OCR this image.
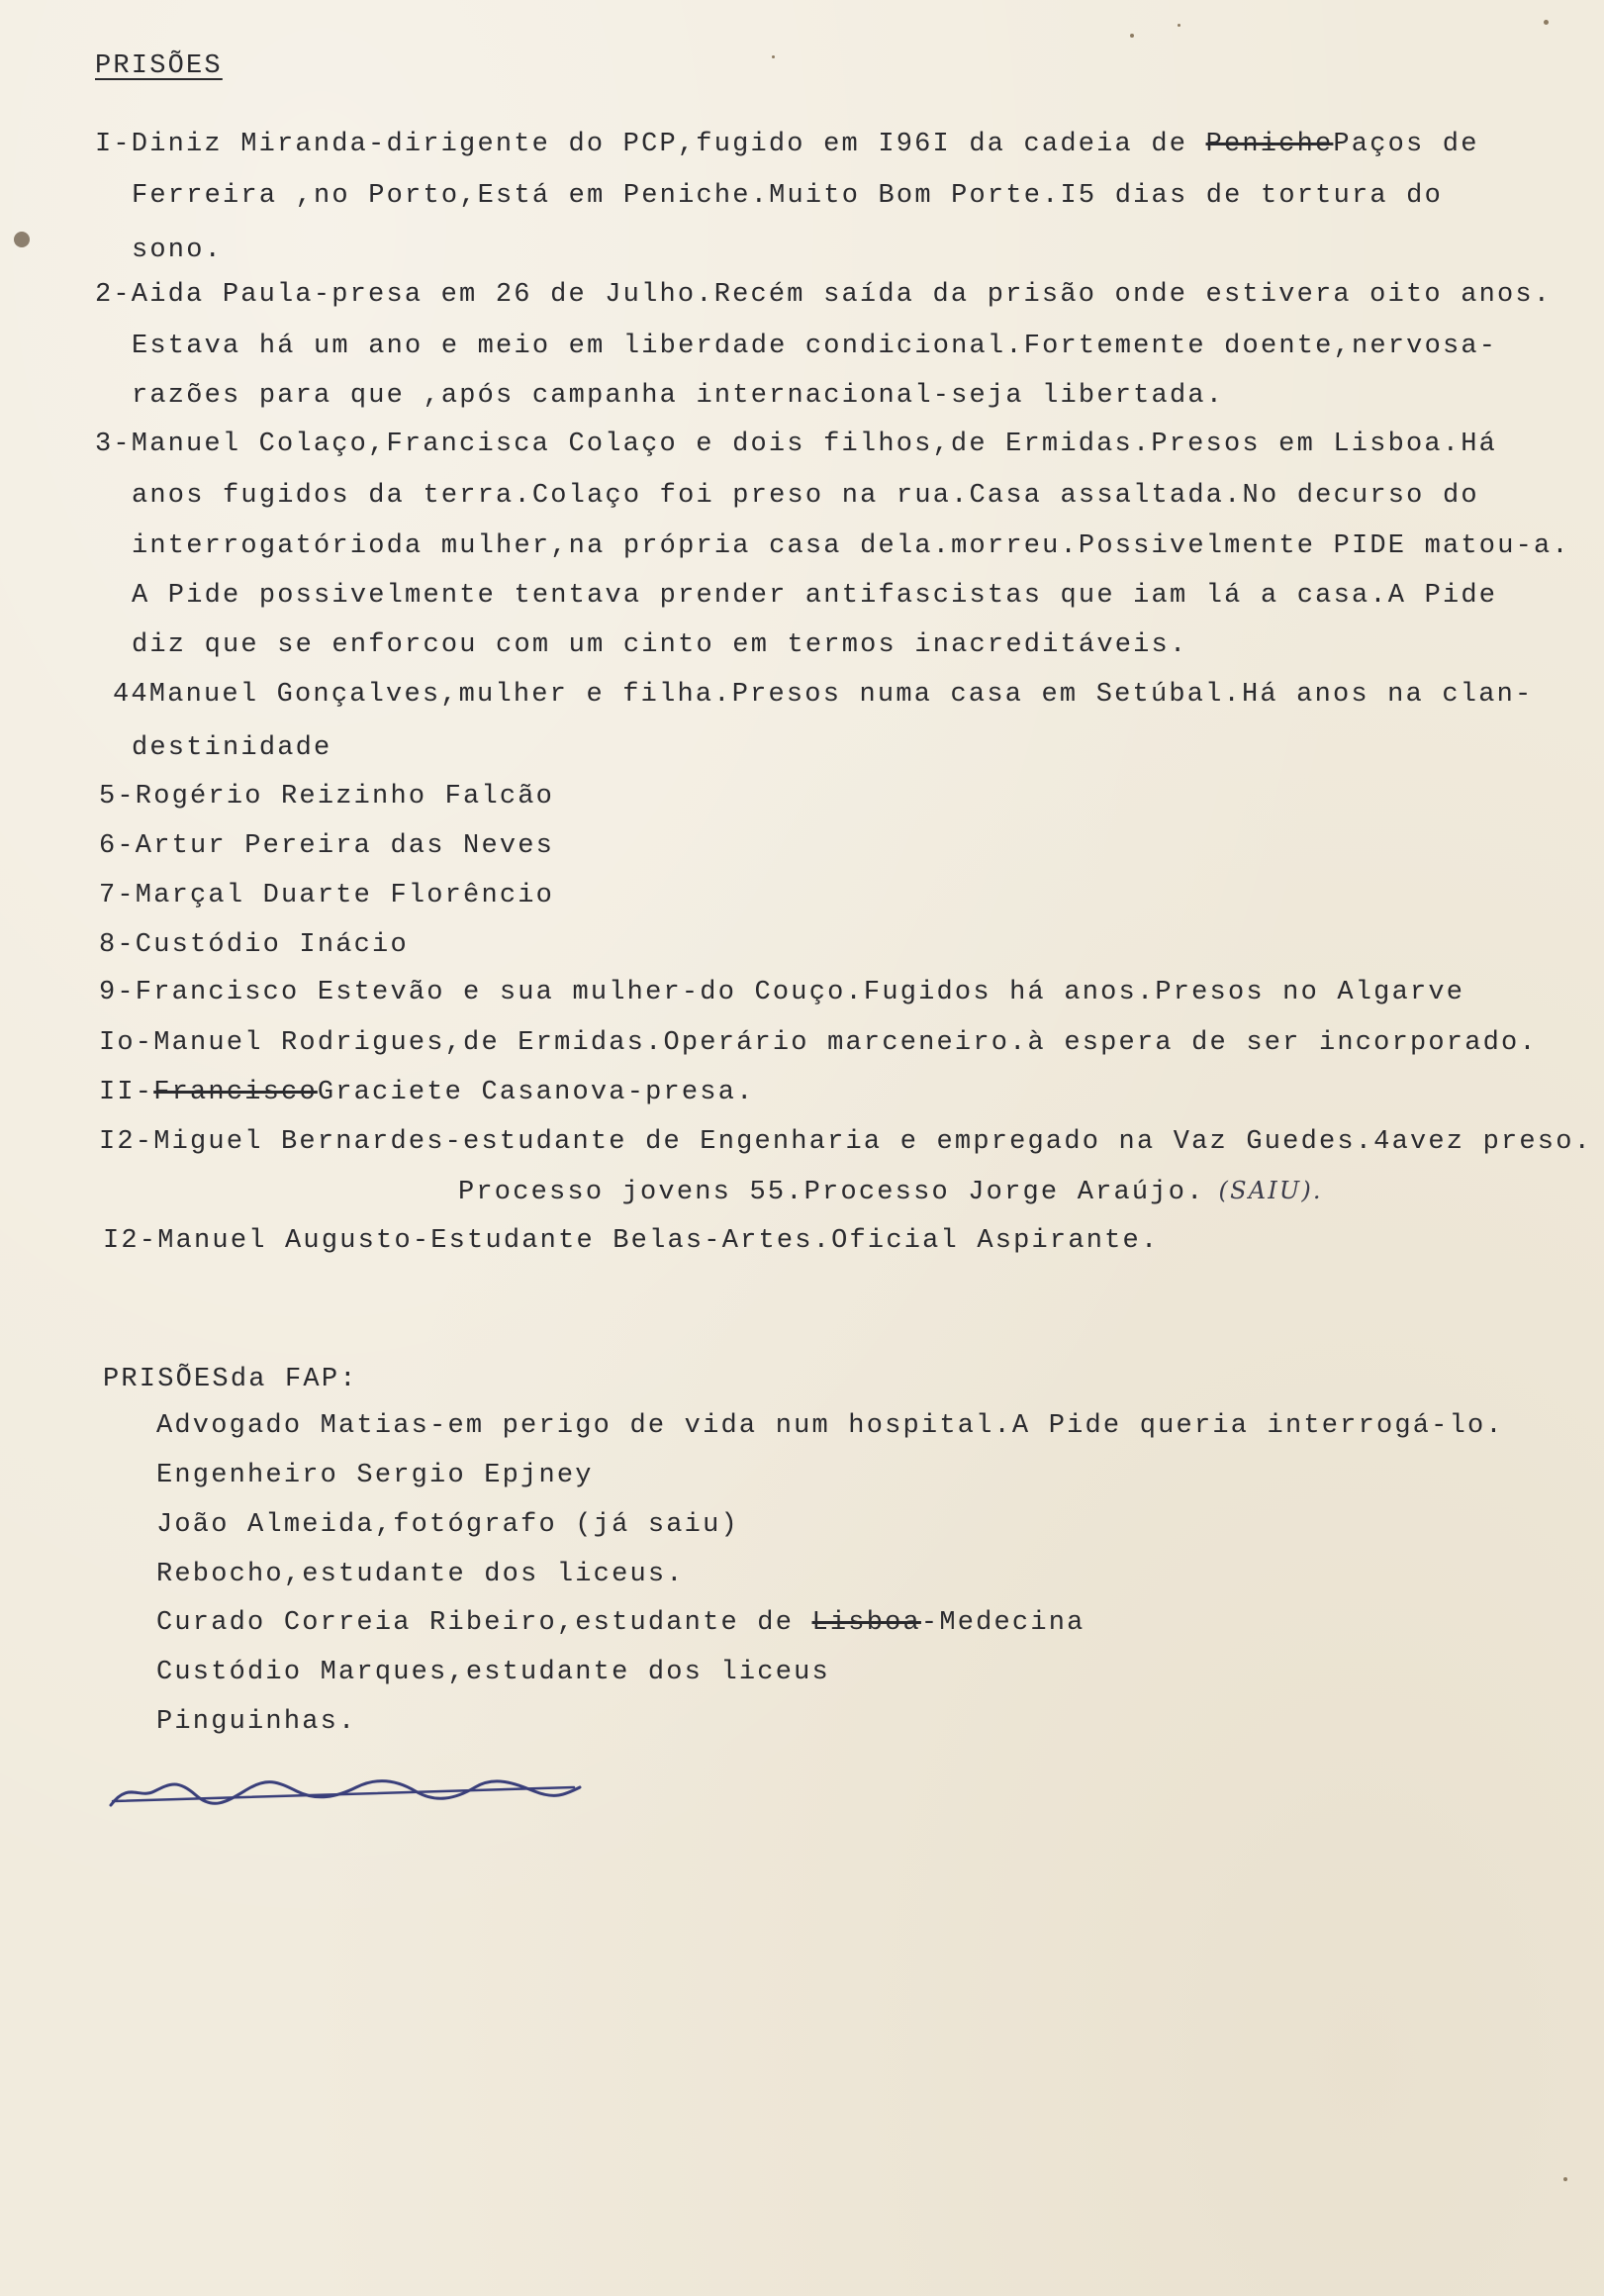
PRISÕES
I-Diniz Miranda-dirigente do PCP,fugido em I96I da cadeia de PenichePaços de
Ferreira ,no Porto,Está em Peniche.Muito Bom Porte.I5 dias de tortura do
sono.
2-Aida Paula-presa em 26 de Julho.Recém saída da prisão onde estivera oito anos.
Estava há um ano e meio em liberdade condicional.Fortemente doente,nervosa-
razões para que ,após campanha internacional-seja libertada.
3-Manuel Colaço,Francisca Colaço e dois filhos,de Ermidas.Presos em Lisboa.Há
anos fugidos da terra.Colaço foi preso na rua.Casa assaltada.No decurso do
interrogatórioda mulher,na própria casa dela.morreu.Possivelmente PIDE matou-a.
A Pide possivelmente tentava prender antifascistas que iam lá a casa.A Pide
diz que se enforcou com um cinto em termos inacreditáveis.
44Manuel Gonçalves,mulher e filha.Presos numa casa em Setúbal.Há anos na clan-
destinidade
5-Rogério Reizinho Falcão
6-Artur Pereira das Neves
7-Marçal Duarte Florêncio
8-Custódio Inácio
9-Francisco Estevão e sua mulher-do Couço.Fugidos há anos.Presos no Algarve
Io-Manuel Rodrigues,de Ermidas.Operário marceneiro.à espera de ser incorporado.
II-FranciscoGraciete Casanova-presa.
I2-Miguel Bernardes-estudante de Engenharia e empregado na Vaz Guedes.4avez preso.
Processo jovens 55.Processo Jorge Araújo. (SAIU).
I2-Manuel Augusto-Estudante Belas-Artes.Oficial Aspirante.
PRISÕESda FAP:
Advogado Matias-em perigo de vida num hospital.A Pide queria interrogá-lo.
Engenheiro Sergio Epjney
João Almeida,fotógrafo (já saiu)
Rebocho,estudante dos liceus.
Curado Correia Ribeiro,estudante de Lisboa-Medecina
Custódio Marques,estudante dos liceus
Pinguinhas.
